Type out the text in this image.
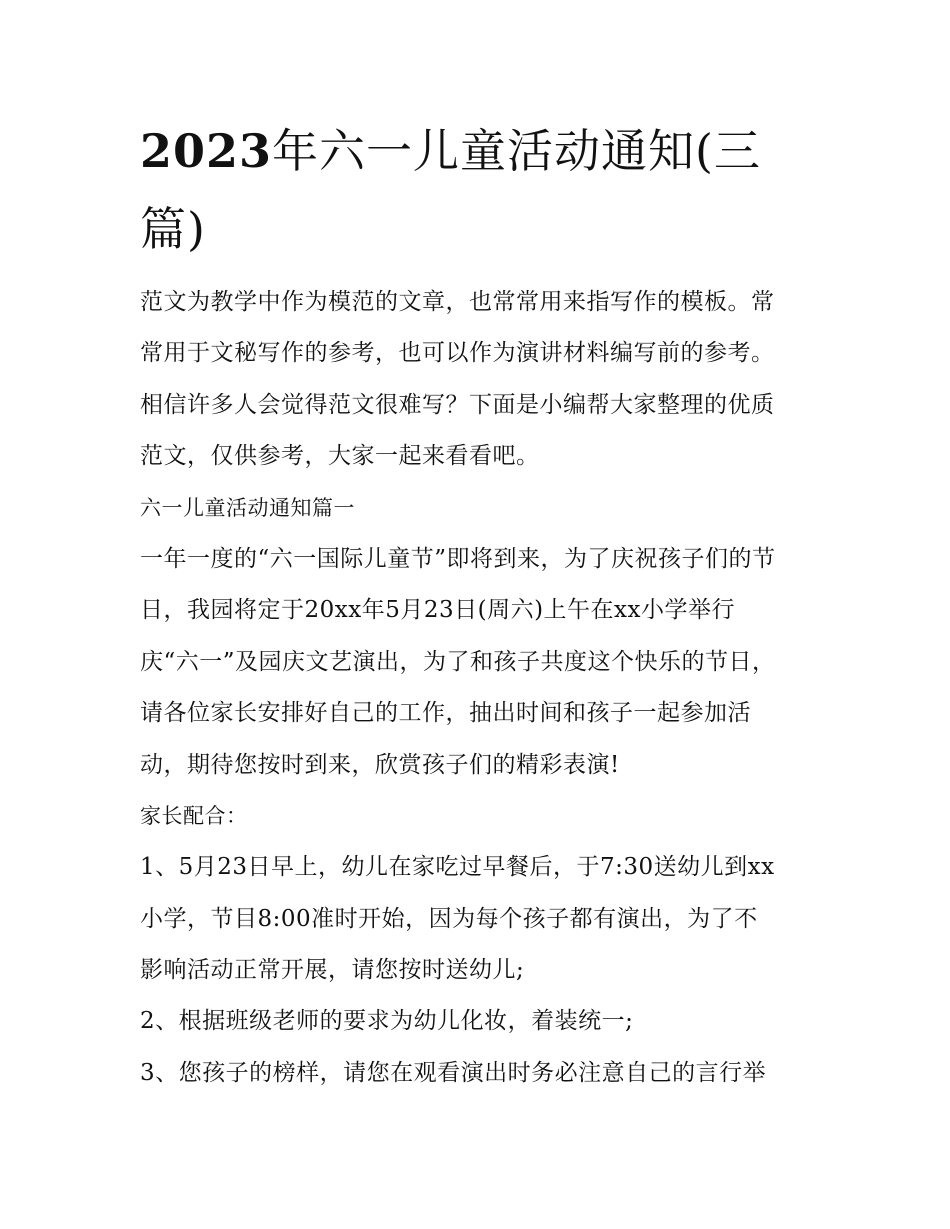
2023年六一儿童活动通知(三
篇)
范文为教学中作为模范的文章，也常常用来指写作的模板。常
常用于文秘写作的参考，也可以作为演讲材料编写前的参考。
相信许多人会觉得范文很难写？下面是小编帮大家整理的优质
范文，仅供参考，大家一起来看看吧。
六一儿童活动通知篇一
一年一度的“六一国际儿童节”即将到来，为了庆祝孩子们的节
日，我园将定于20xx年5月23日(周六)上午在xx小学举行
庆“六一”及园庆文艺演出，为了和孩子共度这个快乐的节日，
请各位家长安排好自己的工作，抽出时间和孩子一起参加活
动，期待您按时到来，欣赏孩子们的精彩表演!
家长配合：
1、5月23日早上，幼儿在家吃过早餐后，于7:30送幼儿到xx
小学，节目8:00准时开始，因为每个孩子都有演出，为了不
影响活动正常开展，请您按时送幼儿;
2、根据班级老师的要求为幼儿化妆，着装统一;
3、您孩子的榜样，请您在观看演出时务必注意自己的言行举
